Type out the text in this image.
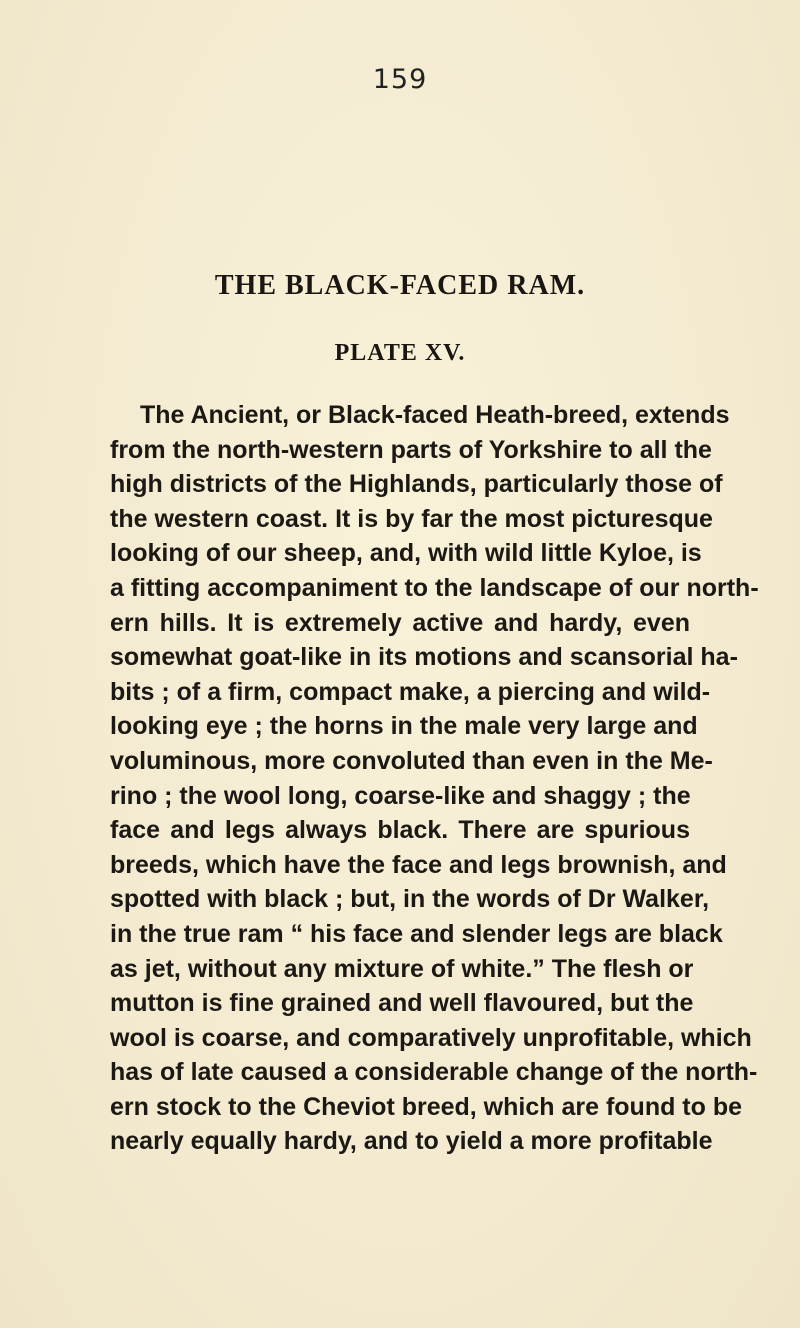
159
THE BLACK-FACED RAM.
PLATE XV.
The Ancient, or Black-faced Heath-breed, extends
from the north-western parts of Yorkshire to all the
high districts of the Highlands, particularly those of
the western coast. It is by far the most picturesque
looking of our sheep, and, with wild little Kyloe, is
a fitting accompaniment to the landscape of our north-
ern hills. It is extremely active and hardy, even
somewhat goat-like in its motions and scansorial ha-
bits ; of a firm, compact make, a piercing and wild-
looking eye ; the horns in the male very large and
voluminous, more convoluted than even in the Me-
rino ; the wool long, coarse-like and shaggy ; the
face and legs always black. There are spurious
breeds, which have the face and legs brownish, and
spotted with black ; but, in the words of Dr Walker,
in the true ram “ his face and slender legs are black
as jet, without any mixture of white.” The flesh or
mutton is fine grained and well flavoured, but the
wool is coarse, and comparatively unprofitable, which
has of late caused a considerable change of the north-
ern stock to the Cheviot breed, which are found to be
nearly equally hardy, and to yield a more profitable
